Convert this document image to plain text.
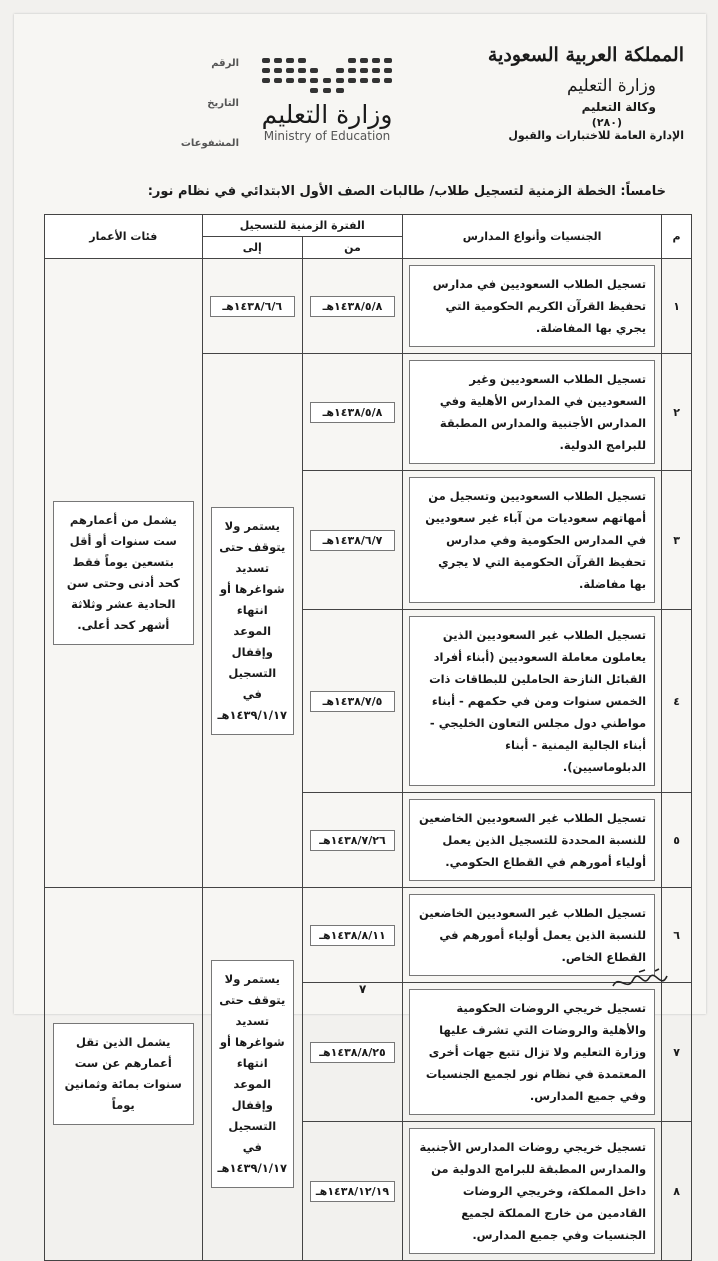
المملكة العربية السعودية
وزارة التعليم
وكالة التعليم
(٢٨٠)
الإدارة العامة للاختبارات والقبول
وزارة التعليم
Ministry of Education
الرقم
التاريخ
المشفوعات
خامساً: الخطة الزمنية لتسجيل طلاب/ طالبات الصف الأول الابتدائي في نظام نور:
م	الجنسيات وأنواع المدارس	الفترة الزمنية للتسجيل		فئات الأعمار
		من	إلى	
١	تسجيل الطلاب السعوديين في مدارس تحفيظ القرآن الكريم الحكومية التي يجري بها المفاضلة.	١٤٣٨/٥/٨هـ	١٤٣٨/٦/٦هـ	يشمل من أعمارهم ست سنوات أو أقل بتسعين يوماً فقط كحد أدنى وحتى سن الحادية عشر وثلاثة أشهر كحد أعلى.

٢	تسجيل الطلاب السعوديين وغير السعوديين في المدارس الأهلية وفي المدارس الأجنبية والمدارس المطبقة للبرامج الدولية.	١٤٣٨/٥/٨هـ	يستمر ولا يتوقف حتى تسديد شواغرها أو انتهاء الموعد وإقفال التسجيل في ١٤٣٩/١/١٧هـ	

٣	تسجيل الطلاب السعوديين وتسجيل من أمهاتهم سعوديات من آباء غير سعوديين في المدارس الحكومية وفي مدارس تحفيظ القرآن الحكومية التي لا يجري بها مفاضلة.	١٤٣٨/٦/٧هـ		

٤	تسجيل الطلاب غير السعوديين الذين يعاملون معاملة السعوديين (أبناء أفراد القبائل النازحة الحاملين للبطاقات ذات الخمس سنوات ومن في حكمهم - أبناء مواطني دول مجلس التعاون الخليجي - أبناء الجالية اليمنية - أبناء الدبلوماسيين).	١٤٣٨/٧/٥هـ		

٥	تسجيل الطلاب غير السعوديين الخاضعين للنسبة المحددة للتسجيل الذين يعمل أولياء أمورهم في القطاع الحكومي.	١٤٣٨/٧/٢٦هـ		

٦	تسجيل الطلاب غير السعوديين الخاضعين للنسبة الذين يعمل أولياء أمورهم في القطاع الخاص.	١٤٣٨/٨/١١هـ	يستمر ولا يتوقف حتى تسديد شواغرها أو انتهاء الموعد وإقفال التسجيل في ١٤٣٩/١/١٧هـ	يشمل الذين تقل أعمارهم عن ست سنوات بمائة وثمانين يوماً

٧	تسجيل خريجي الروضات الحكومية والأهلية والروضات التي تشرف عليها وزارة التعليم ولا تزال تتبع جهات أخرى المعتمدة في نظام نور لجميع الجنسيات وفي جميع المدارس.	١٤٣٨/٨/٢٥هـ		

٨	تسجيل خريجي روضات المدارس الأجنبية والمدارس المطبقة للبرامج الدولية من داخل المملكة، وخريجي الروضات القادمين من خارج المملكة لجميع الجنسيات وفي جميع المدارس.	١٤٣٨/١٢/١٩هـ		
٧
